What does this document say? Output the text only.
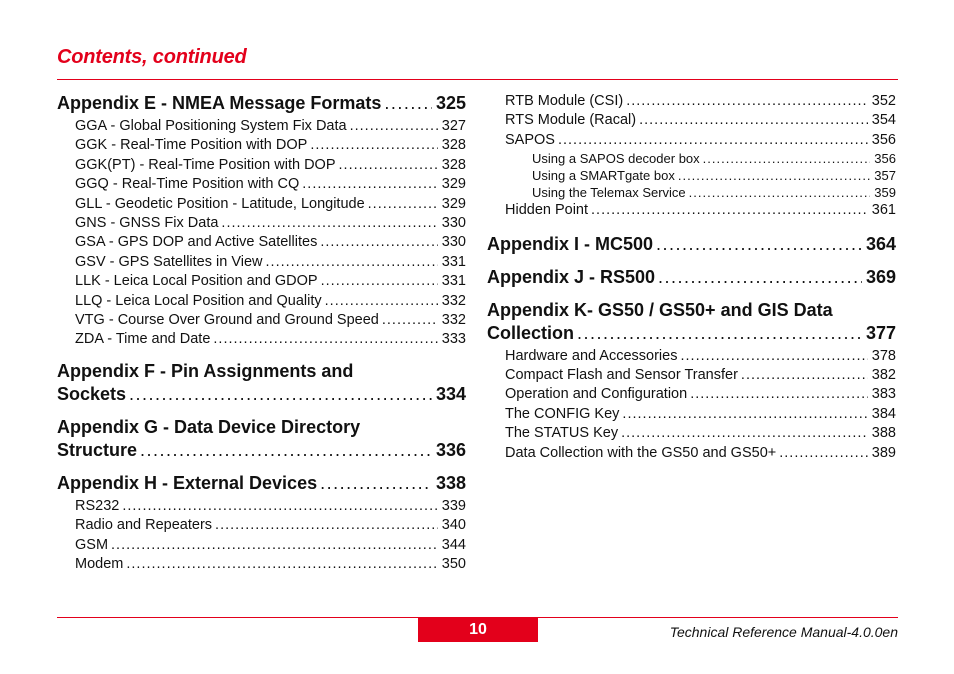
Contents, continued
Appendix E - NMEA Message Formats .....	325
GGA - Global Positioning System Fix Data .....	327
GGK - Real-Time Position with DOP .....	328
GGK(PT) - Real-Time Position with DOP .....	328
GGQ - Real-Time Position with CQ .....	329
GLL - Geodetic Position - Latitude, Longitude .....	329
GNS - GNSS Fix Data .....	330
GSA - GPS DOP and Active Satellites .....	330
GSV - GPS Satellites in View .....	331
LLK - Leica Local Position and GDOP .....	331
LLQ - Leica Local Position and Quality .....	332
VTG - Course Over Ground and Ground Speed .....	332
ZDA - Time and Date .....	333
Appendix F - Pin Assignments and
Sockets .....	334
Appendix G - Data Device Directory
Structure .....	336
Appendix H - External Devices .....	338
RS232 .....	339
Radio and Repeaters .....	340
GSM .....	344
Modem .....	350
RTB Module (CSI) .....	352
RTS Module (Racal) .....	354
SAPOS .....	356
Using a SAPOS decoder box .....	356
Using a SMARTgate box .....	357
Using the Telemax Service .....	359
Hidden Point .....	361
Appendix I - MC500 .....	364
Appendix J - RS500 .....	369
Appendix K- GS50 / GS50+ and GIS Data
Collection .....	377
Hardware and Accessories .....	378
Compact Flash and Sensor Transfer .....	382
Operation and Configuration .....	383
The CONFIG Key .....	384
The STATUS Key .....	388
Data Collection with the GS50 and GS50+ .....	389
10	Technical Reference Manual-4.0.0en
